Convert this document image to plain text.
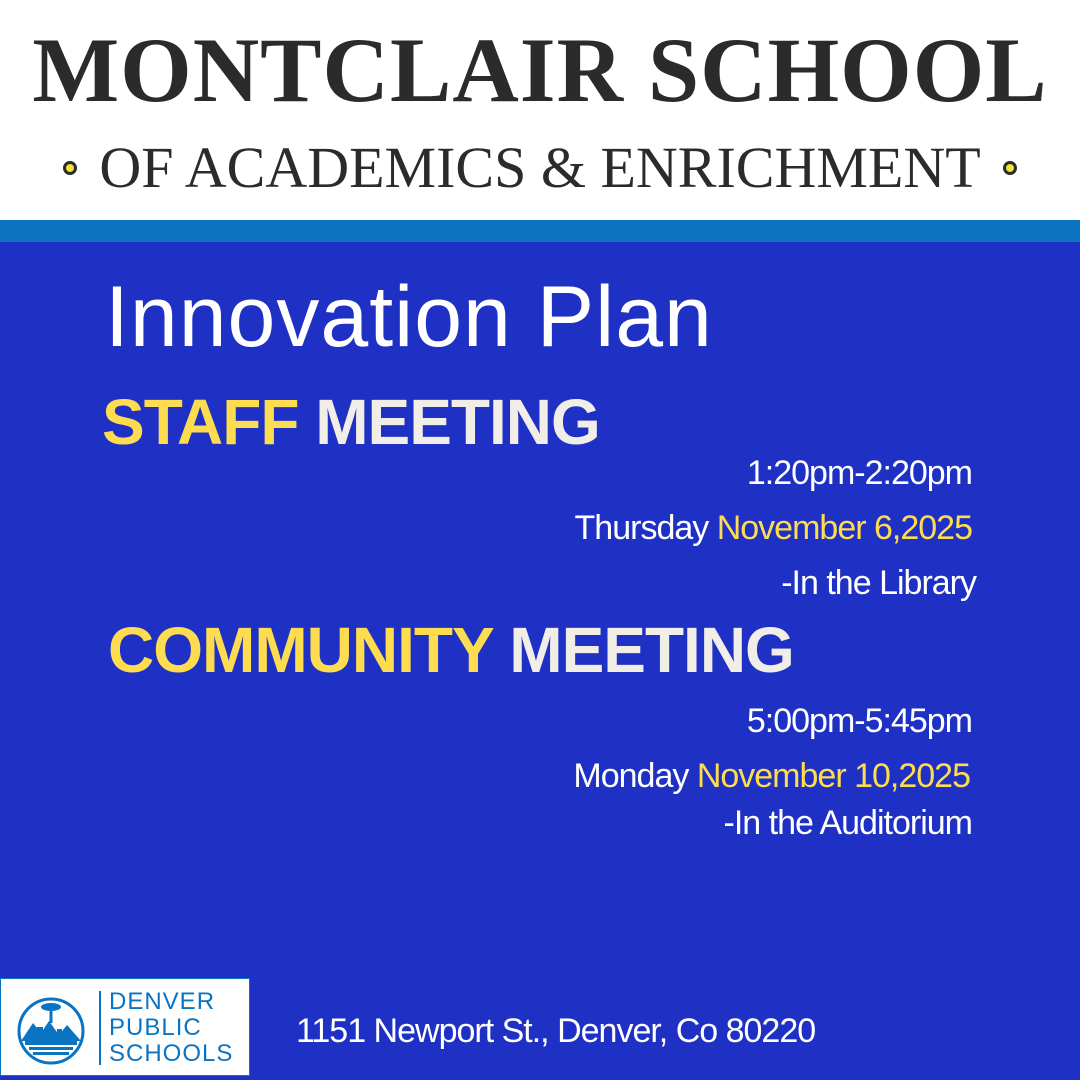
MONTCLAIR SCHOOL
OF ACADEMICS & ENRICHMENT
Innovation Plan
STAFF MEETING
1:20pm-2:20pm
Thursday November 6,2025
-In the Library
COMMUNITY MEETING
5:00pm-5:45pm
Monday November 10,2025
-In the Auditorium
DENVER
PUBLIC
SCHOOLS
1151 Newport St., Denver, Co 80220
